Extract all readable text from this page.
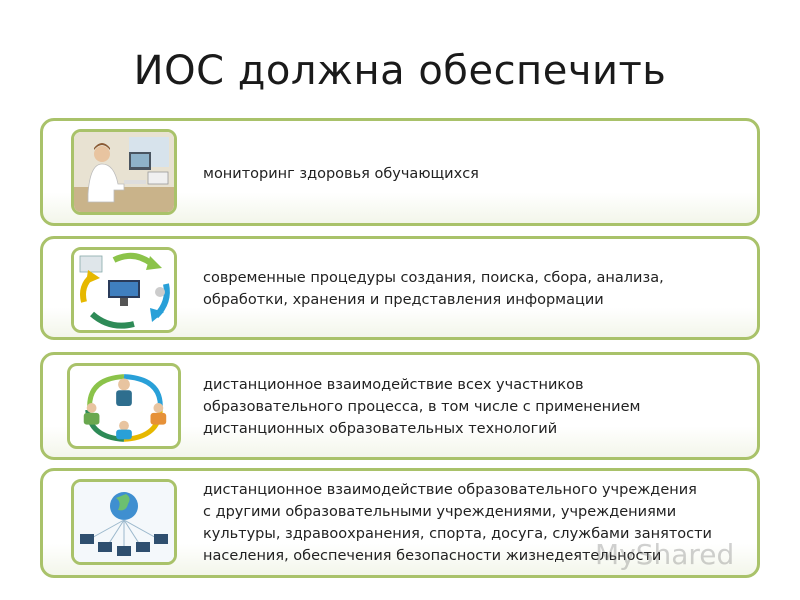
ИОС должна обеспечить
мониторинг здоровья обучающихся
современные процедуры создания, поиска, сбора, анализа,
обработки, хранения и представления информации
дистанционное взаимодействие всех участников
образовательного процесса, в том числе с применением
дистанционных образовательных технологий
дистанционное взаимодействие образовательного учреждения
с другими образовательными учреждениями, учреждениями
культуры, здравоохранения, спорта, досуга, службами занятости
населения, обеспечения безопасности жизнедеятельности
MyShared
